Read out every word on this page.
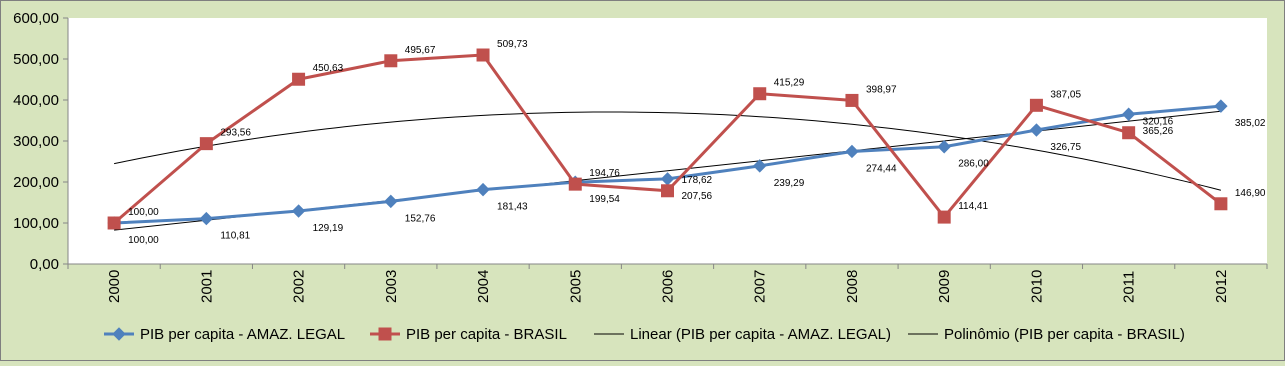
0,00
100,00
200,00
300,00
400,00
500,00
600,00
2000	2001	2002	2003	2004	2005	2006	2007	2008	2009	2010	2011	2012
100,00	110,81
129,19
152,76
181,43
199,54	207,56
239,29
274,44	286,00
326,75
365,26
385,02
100,00
293,56
450,63
495,67
509,73
194,76
178,62
415,29
398,97
114,41
387,05
320,16
146,90
PIB per capita - AMAZ. LEGAL	PIB per capita - BRASIL	Linear (PIB per capita - AMAZ. LEGAL)	Polinômio (PIB per capita - BRASIL)
